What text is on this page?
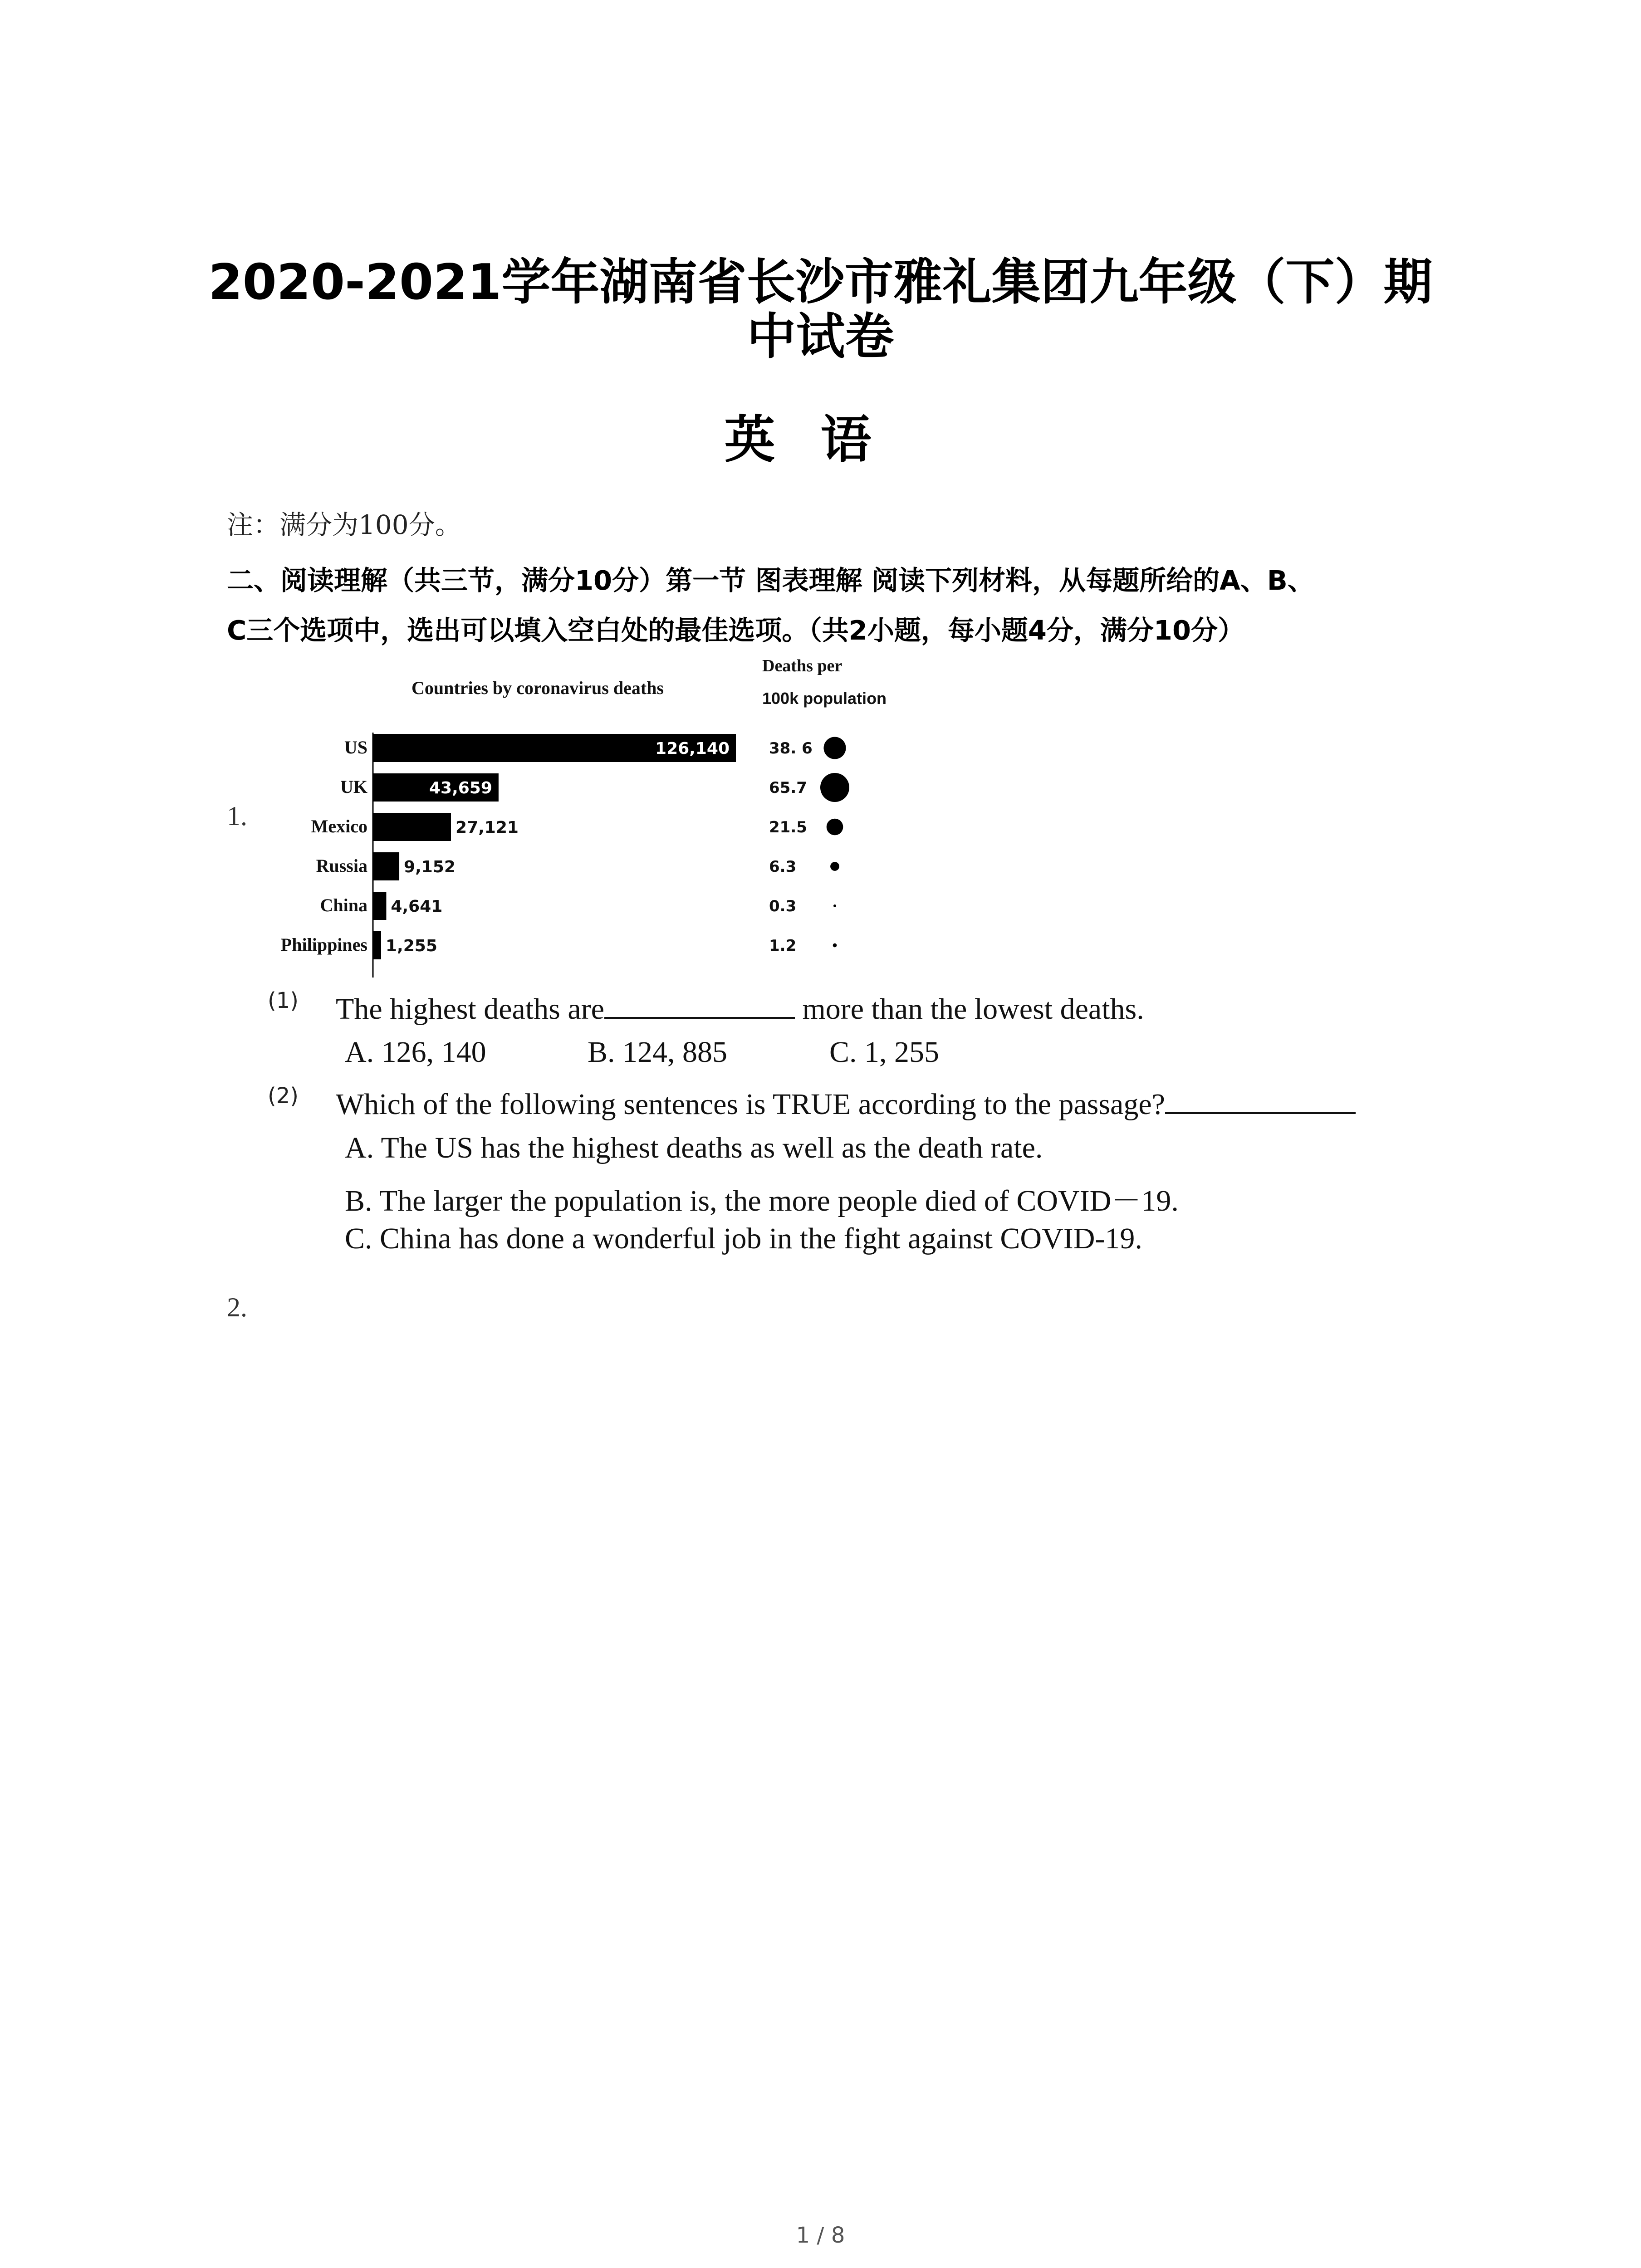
2020-2021学年湖南省长沙市雅礼集团九年级（下）期
中试卷
英语
注：满分为100分。
二、阅读理解（共三节，满分10分）第一节 图表理解 阅读下列材料，从每题所给的A、B、
C三个选项中，选出可以填入空白处的最佳选项。（共2小题，每小题4分，满分10分）
1.
Countries by coronavirus deaths
Deaths per
100k population
US	126,140	38. 6
UK	43,659	65.7
Mexico	27,121	21.5
Russia 9,152	6.3
China 4,641	0.3
Philippines 1,255	1.2
(1) The highest deaths are	more than the lowest deaths.
A. 126, 140	B. 124, 885	C. 1, 255
(2) Which of the following sentences is TRUE according to the passage?
A. The US has the highest deaths as well as the death rate.
B. The larger the population is, the more people died of COVID－19.
C. China has done a wonderful job in the fight against COVID-19.
2.
1 / 8
